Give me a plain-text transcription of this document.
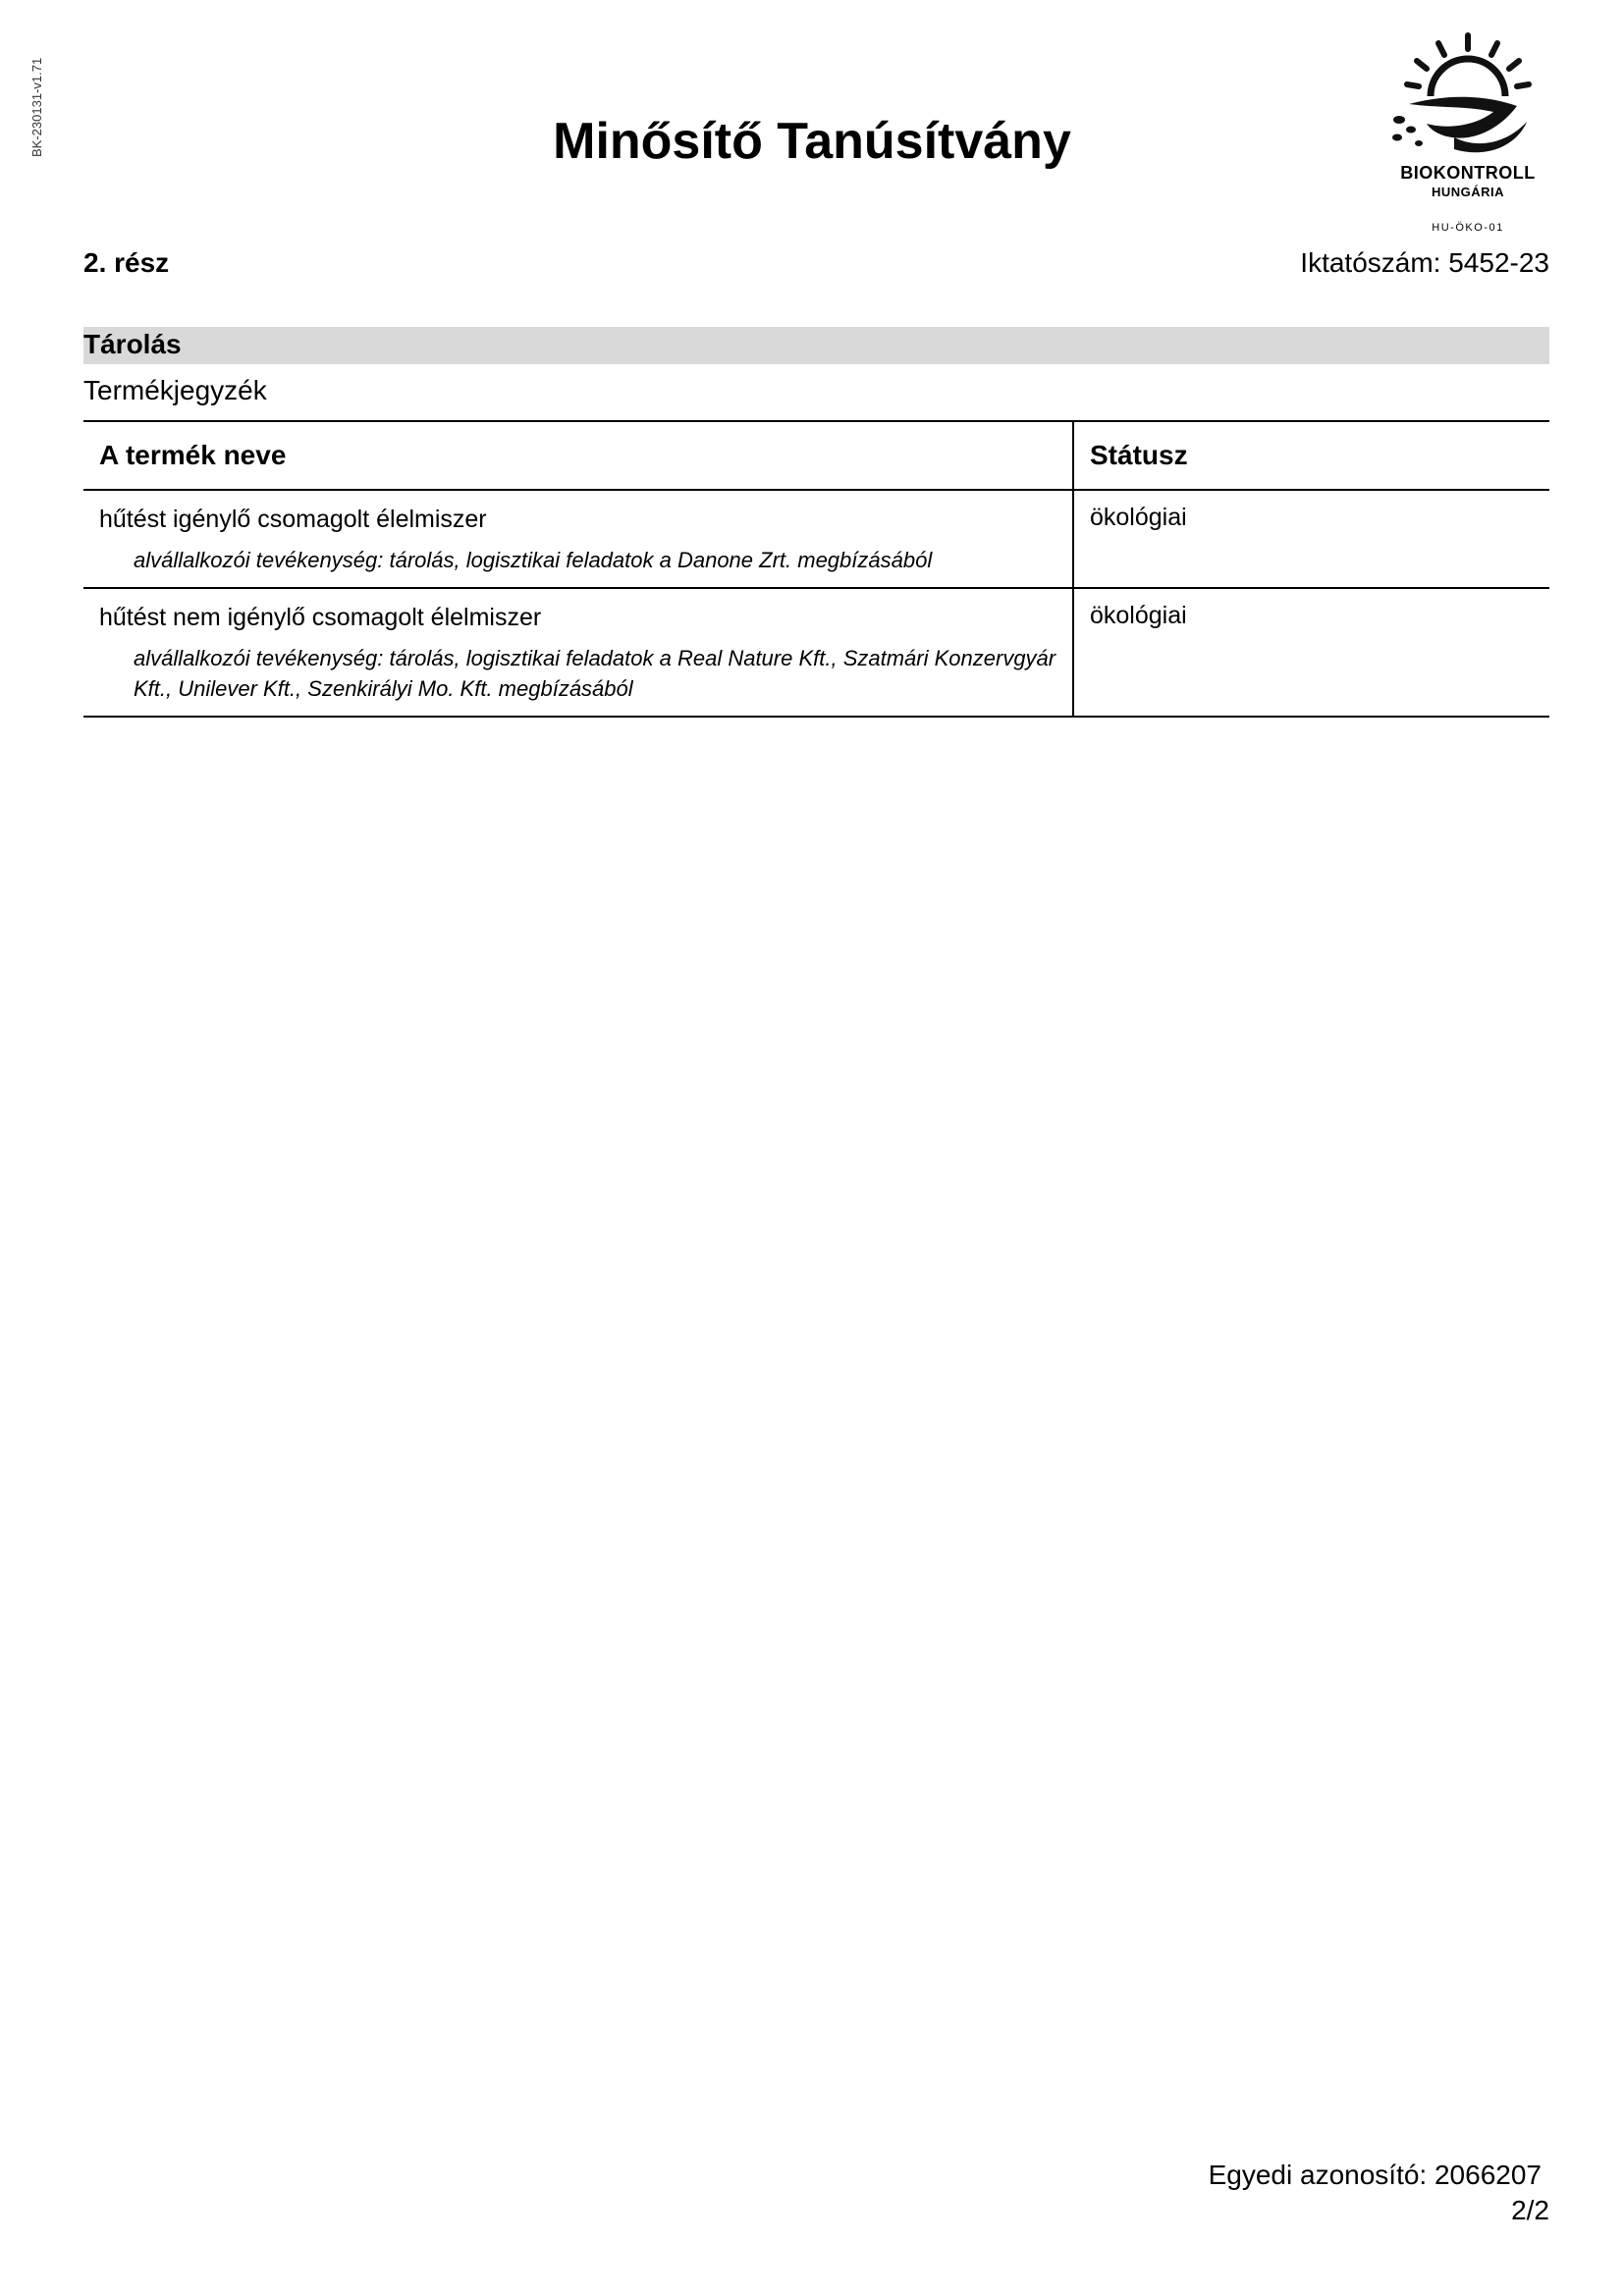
BK-230131-v1.71	Minősítő Tanúsítvány
BIOKONTROLL
HUNGÁRIA
HU-ÖKO-01
2. rész	Iktatószám: 5452-23
Tárolás
Termékjegyzék
A termék neve	Státusz

hűtést igénylő csomagolt élelmiszer
alvállalkozói tevékenység: tárolás, logisztikai feladatok a Danone Zrt. megbízásából	ökológiai

hűtést nem igénylő csomagolt élelmiszer
alvállalkozói tevékenység: tárolás, logisztikai feladatok a Real Nature Kft., Szatmári Konzervgyár Kft., Unilever Kft., Szenkirályi Mo. Kft. megbízásából	ökológiai
Egyedi azonosító: 2066207
2/2
